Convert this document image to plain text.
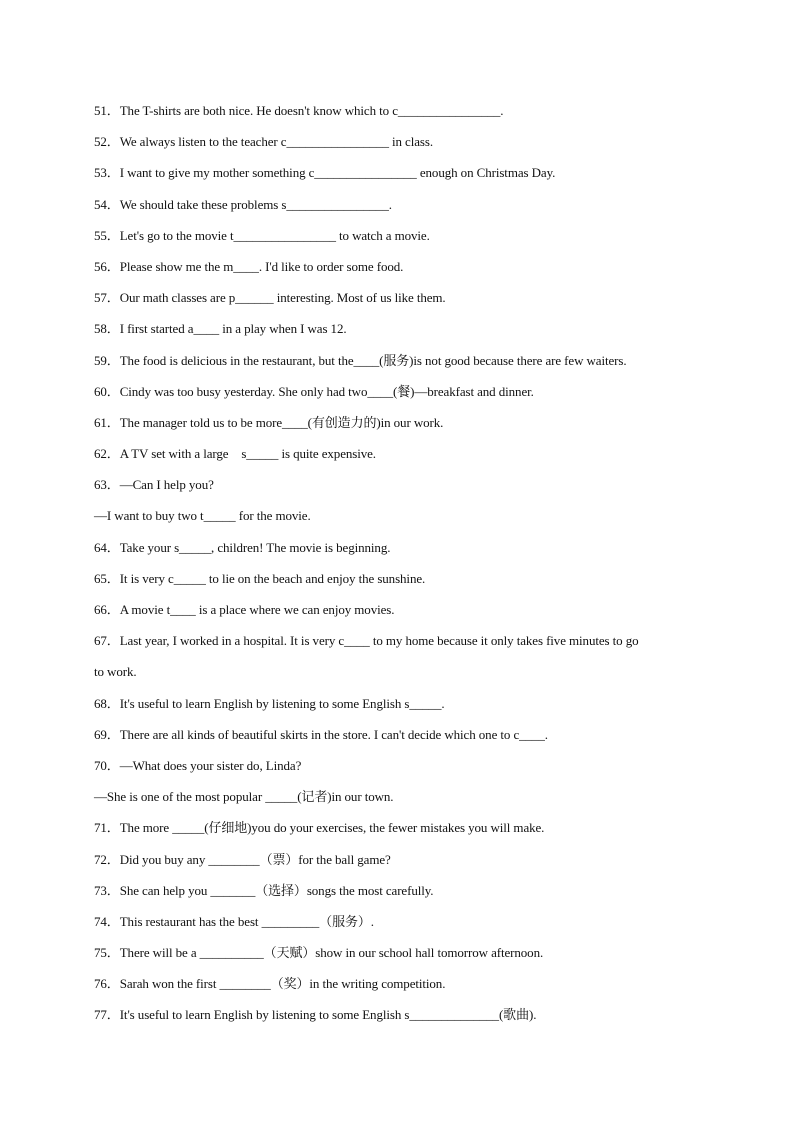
51．The T-shirts are both nice. He doesn't know which to c________________.
52．We always listen to the teacher c________________ in class.
53．I want to give my mother something c________________ enough on Christmas Day.
54．We should take these problems s________________.
55．Let's go to the movie t________________ to watch a movie.
56．Please show me the m____. I'd like to order some food.
57．Our math classes are p______ interesting. Most of us like them.
58．I first started a____ in a play when I was 12.
59．The food is delicious in the restaurant, but the____(服务)is not good because there are few waiters.
60．Cindy was too busy yesterday. She only had two____(餐)—breakfast and dinner.
61．The manager told us to be more____(有创造力的)in our work.
62．A TV set with a large　s_____ is quite expensive.
63．—Can I help you?
—I want to buy two t_____ for the movie.
64．Take your s_____, children! The movie is beginning.
65．It is very c_____ to lie on the beach and enjoy the sunshine.
66．A movie t____ is a place where we can enjoy movies.
67．Last year, I worked in a hospital. It is very c____ to my home because it only takes five minutes to go
to work.
68．It's useful to learn English by listening to some English s_____.
69．There are all kinds of beautiful skirts in the store. I can't decide which one to c____.
70．—What does your sister do, Linda?
—She is one of the most popular _____(记者)in our town.
71．The more _____(仔细地)you do your exercises, the fewer mistakes you will make.
72．Did you buy any ________（票）for the ball game?
73．She can help you _______（选择）songs the most carefully.
74．This restaurant has the best _________（服务）.
75．There will be a __________（天赋）show in our school hall tomorrow afternoon.
76．Sarah won the first ________（奖）in the writing competition.
77．It's useful to learn English by listening to some English s______________(歌曲).
